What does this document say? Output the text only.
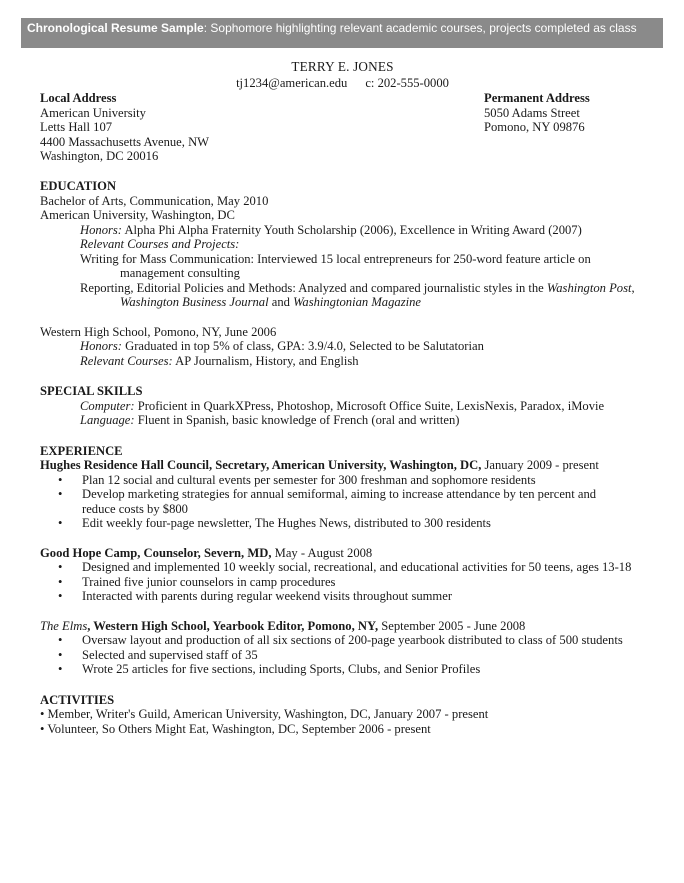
Chronological Resume Sample: Sophomore highlighting relevant academic courses, projects completed as class
TERRY E. JONES
tj1234@american.edu c: 202-555-0000
Local Address
American University
Letts Hall 107
4400 Massachusetts Avenue, NW
Washington, DC 20016
Permanent Address
5050 Adams Street
Pomono, NY 09876
EDUCATION
Bachelor of Arts, Communication, May 2010
American University, Washington, DC
Honors: Alpha Phi Alpha Fraternity Youth Scholarship (2006), Excellence in Writing Award (2007)
Relevant Courses and Projects:
Writing for Mass Communication: Interviewed 15 local entrepreneurs for 250-word feature article on
management consulting
Reporting, Editorial Policies and Methods: Analyzed and compared journalistic styles in the Washington Post,
Washington Business Journal and Washingtonian Magazine
Western High School, Pomono, NY, June 2006
Honors: Graduated in top 5% of class, GPA: 3.9/4.0, Selected to be Salutatorian
Relevant Courses: AP Journalism, History, and English
SPECIAL SKILLS
Computer: Proficient in QuarkXPress, Photoshop, Microsoft Office Suite, LexisNexis, Paradox, iMovie
Language: Fluent in Spanish, basic knowledge of French (oral and written)
EXPERIENCE
Hughes Residence Hall Council, Secretary, American University, Washington, DC, January 2009 - present
• Plan 12 social and cultural events per semester for 300 freshman and sophomore residents
• Develop marketing strategies for annual semiformal, aiming to increase attendance by ten percent and
reduce costs by $800
• Edit weekly four-page newsletter, The Hughes News, distributed to 300 residents
Good Hope Camp, Counselor, Severn, MD, May - August 2008
• Designed and implemented 10 weekly social, recreational, and educational activities for 50 teens, ages 13-18
• Trained five junior counselors in camp procedures
• Interacted with parents during regular weekend visits throughout summer
The Elms, Western High School, Yearbook Editor, Pomono, NY, September 2005 - June 2008
• Oversaw layout and production of all six sections of 200-page yearbook distributed to class of 500 students
• Selected and supervised staff of 35
• Wrote 25 articles for five sections, including Sports, Clubs, and Senior Profiles
ACTIVITIES
• Member, Writer's Guild, American University, Washington, DC, January 2007 - present
• Volunteer, So Others Might Eat, Washington, DC, September 2006 - present
